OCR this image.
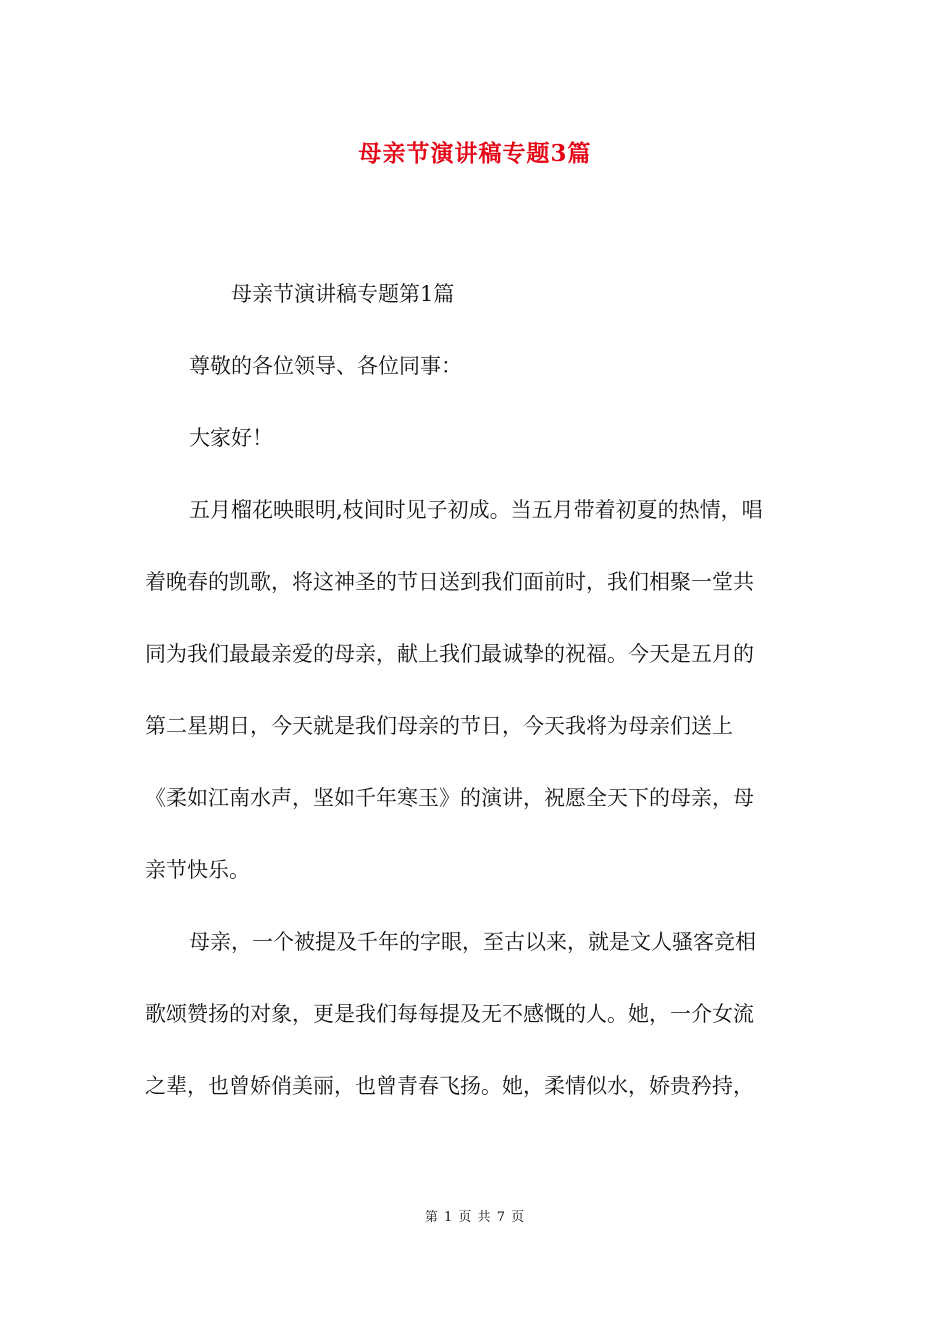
母亲节演讲稿专题3篇
母亲节演讲稿专题第1篇
尊敬的各位领导、各位同事：
大家好！
五月榴花映眼明,枝间时见子初成。当五月带着初夏的热情，唱
着晚春的凯歌，将这神圣的节日送到我们面前时，我们相聚一堂共
同为我们最最亲爱的母亲，献上我们最诚挚的祝福。今天是五月的
第二星期日，今天就是我们母亲的节日，今天我将为母亲们送上
《柔如江南水声，坚如千年寒玉》的演讲，祝愿全天下的母亲，母
亲节快乐。
母亲，一个被提及千年的字眼，至古以来，就是文人骚客竞相
歌颂赞扬的对象，更是我们每每提及无不感慨的人。她，一介女流
之辈，也曾娇俏美丽，也曾青春飞扬。她，柔情似水，娇贵矜持，
第 1 页 共 7 页
